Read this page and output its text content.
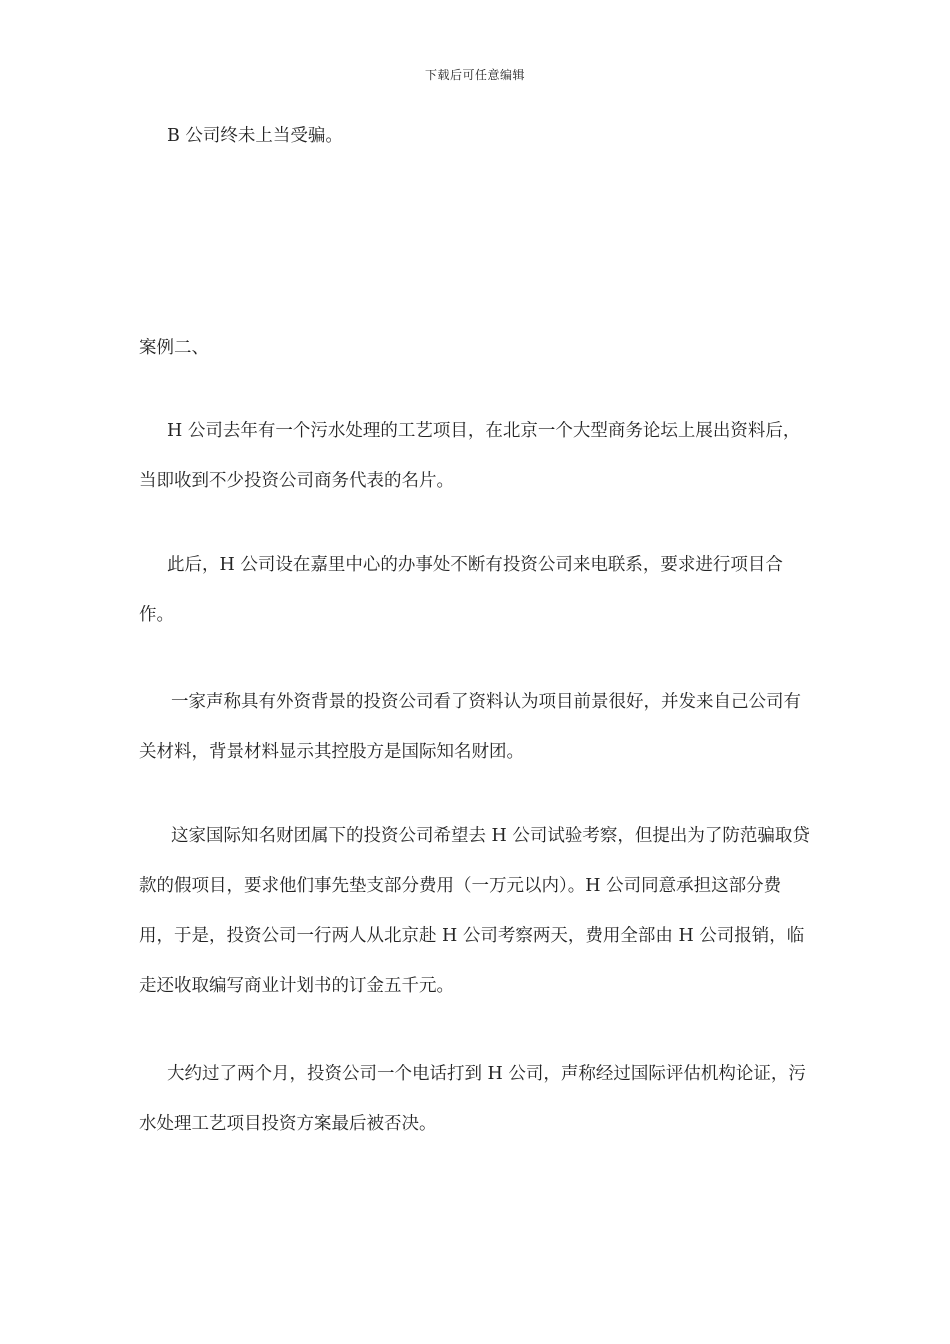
下载后可任意编辑

B 公司终未上当受骗。

案例二、

H 公司去年有一个污水处理的工艺项目，在北京一个大型商务论坛上展出资料后，当即收到不少投资公司商务代表的名片。

此后，H 公司设在嘉里中心的办事处不断有投资公司来电联系，要求进行项目合作。

一家声称具有外资背景的投资公司看了资料认为项目前景很好，并发来自己公司有关材料，背景材料显示其控股方是国际知名财团。

这家国际知名财团属下的投资公司希望去 H 公司试验考察，但提出为了防范骗取贷款的假项目，要求他们事先垫支部分费用（一万元以内）。H 公司同意承担这部分费用，于是，投资公司一行两人从北京赴 H 公司考察两天，费用全部由 H 公司报销，临走还收取编写商业计划书的订金五千元。

大约过了两个月，投资公司一个电话打到 H 公司，声称经过国际评估机构论证，污水处理工艺项目投资方案最后被否决。
